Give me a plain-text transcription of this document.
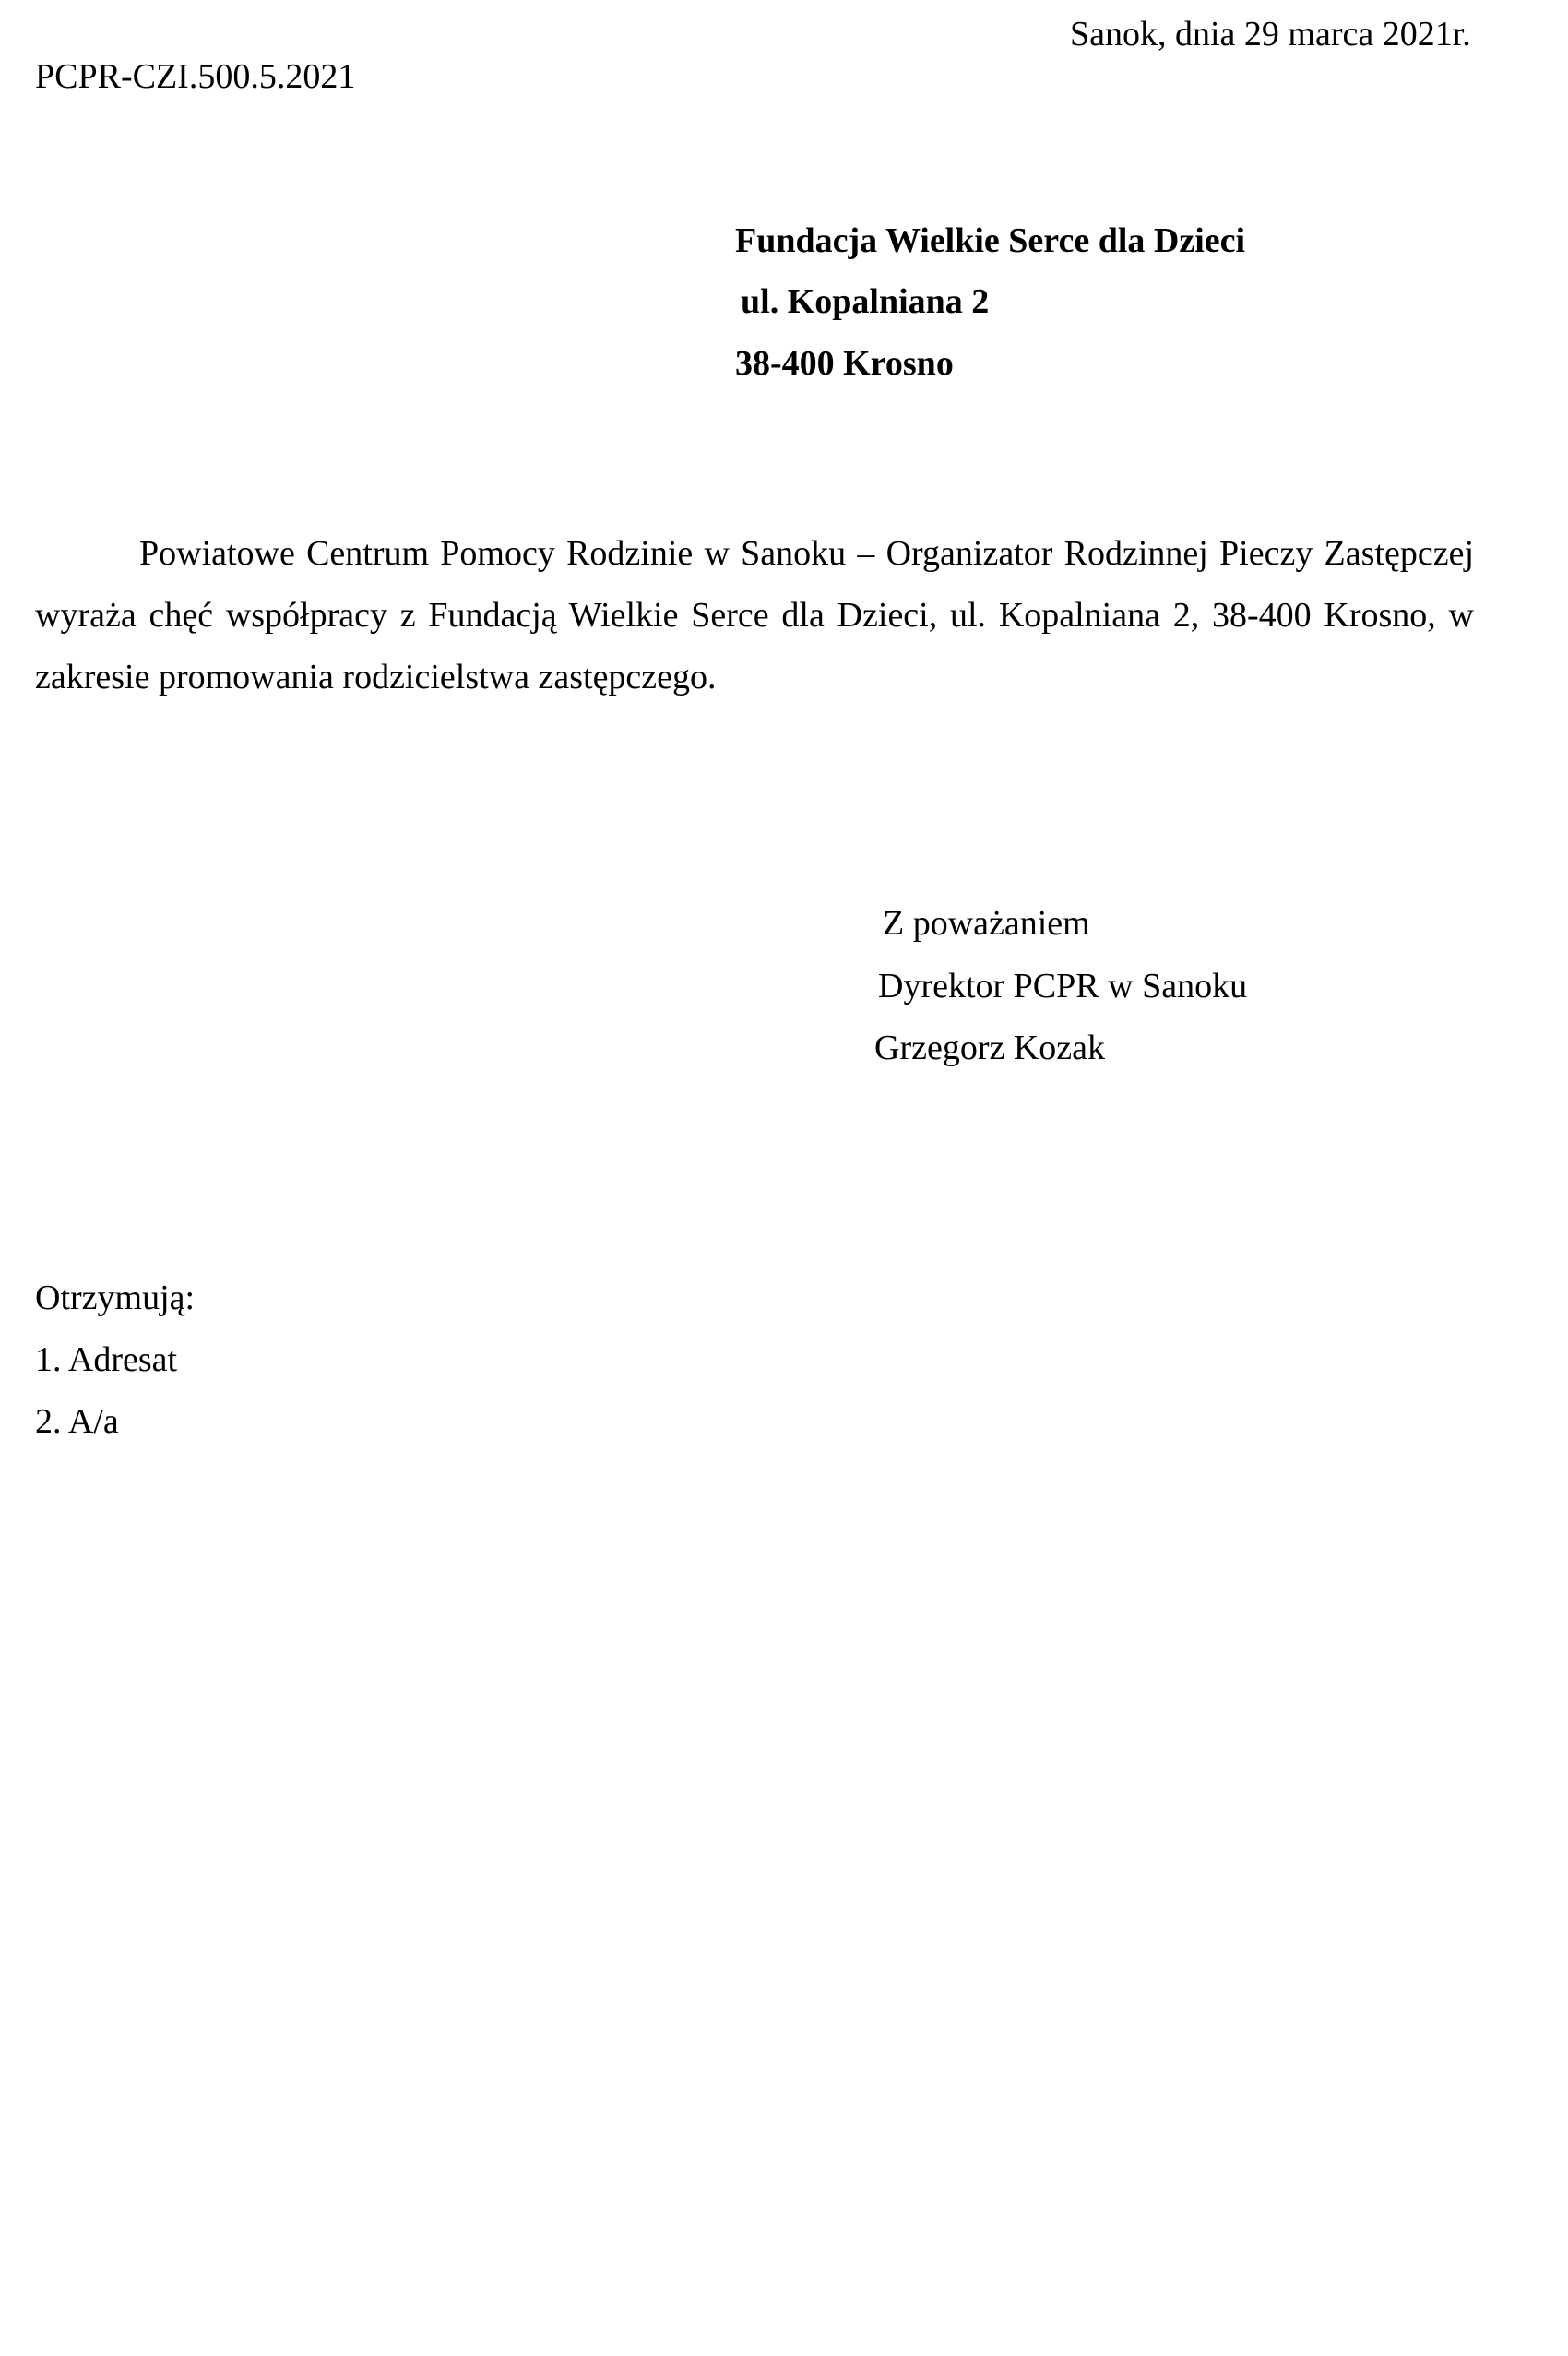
Sanok, dnia 29 marca 2021r.
PCPR-CZI.500.5.2021
Fundacja Wielkie Serce dla Dzieci
ul. Kopalniana 2
38-400 Krosno
Powiatowe Centrum Pomocy Rodzinie w Sanoku – Organizator Rodzinnej Pieczy Zastępczej wyraża chęć współpracy z Fundacją Wielkie Serce dla Dzieci, ul. Kopalniana 2, 38-400 Krosno, w zakresie promowania rodzicielstwa zastępczego.
Z poważaniem
Dyrektor PCPR w Sanoku
Grzegorz Kozak
Otrzymują:
1. Adresat
2. A/a
